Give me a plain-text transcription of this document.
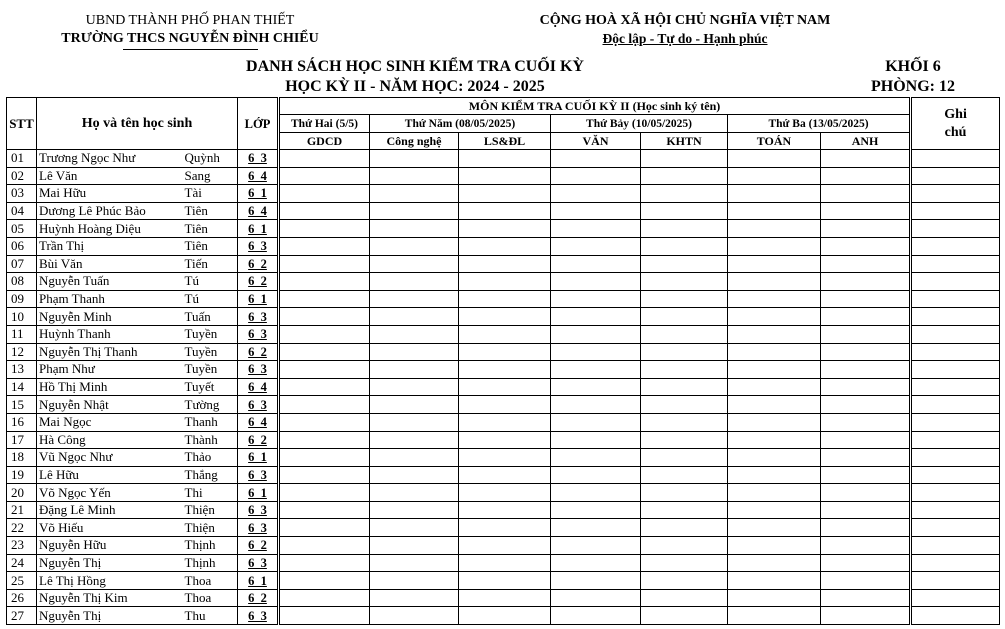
UBND THÀNH PHỐ PHAN THIẾT
TRƯỜNG THCS NGUYỄN ĐÌNH CHIỂU
CỘNG HOÀ XÃ HỘI CHỦ NGHĨA VIỆT NAM
Độc lập - Tự do - Hạnh phúc
DANH SÁCH HỌC SINH KIỂM TRA CUỐI KỲ
HỌC KỲ II - NĂM HỌC: 2024 - 2025
KHỐI 6
PHÒNG: 12
STT	Họ và tên học sinh		LỚP	MÔN KIỂM TRA CUỐI KỲ II (Học sinh ký tên)							Ghi chú
				Thứ Hai (5/5)	Thứ Năm (08/05/2025)		Thứ Bảy (10/05/2025)		Thứ Ba (13/05/2025)		
				GDCD	Công nghệ	LS&ĐL	VĂN	KHTN	TOÁN	ANH	
01	Trương Ngọc Như	Quỳnh	6_3								
02	Lê Văn	Sang	6_4								
03	Mai Hữu	Tài	6_1								
04	Dương Lê Phúc Bảo	Tiên	6_4								
05	Huỳnh Hoàng Diệu	Tiên	6_1								
06	Trần Thị	Tiên	6_3								
07	Bùi Văn	Tiến	6_2								
08	Nguyễn Tuấn	Tú	6_2								
09	Phạm Thanh	Tú	6_1								
10	Nguyễn Minh	Tuấn	6_3								
11	Huỳnh Thanh	Tuyền	6_3								
12	Nguyễn Thị Thanh	Tuyền	6_2								
13	Phạm Như	Tuyền	6_3								
14	Hồ Thị Minh	Tuyết	6_4								
15	Nguyễn Nhật	Tường	6_3								
16	Mai Ngọc	Thanh	6_4								
17	Hà Công	Thành	6_2								
18	Vũ Ngọc Như	Thảo	6_1								
19	Lê Hữu	Thắng	6_3								
20	Võ Ngọc Yến	Thi	6_1								
21	Đặng Lê Minh	Thiện	6_3								
22	Võ Hiếu	Thiện	6_3								
23	Nguyễn Hữu	Thịnh	6_2								
24	Nguyễn Thị	Thịnh	6_3								
25	Lê Thị Hồng	Thoa	6_1								
26	Nguyễn Thị Kim	Thoa	6_2								
27	Nguyễn Thị	Thu	6_3								
